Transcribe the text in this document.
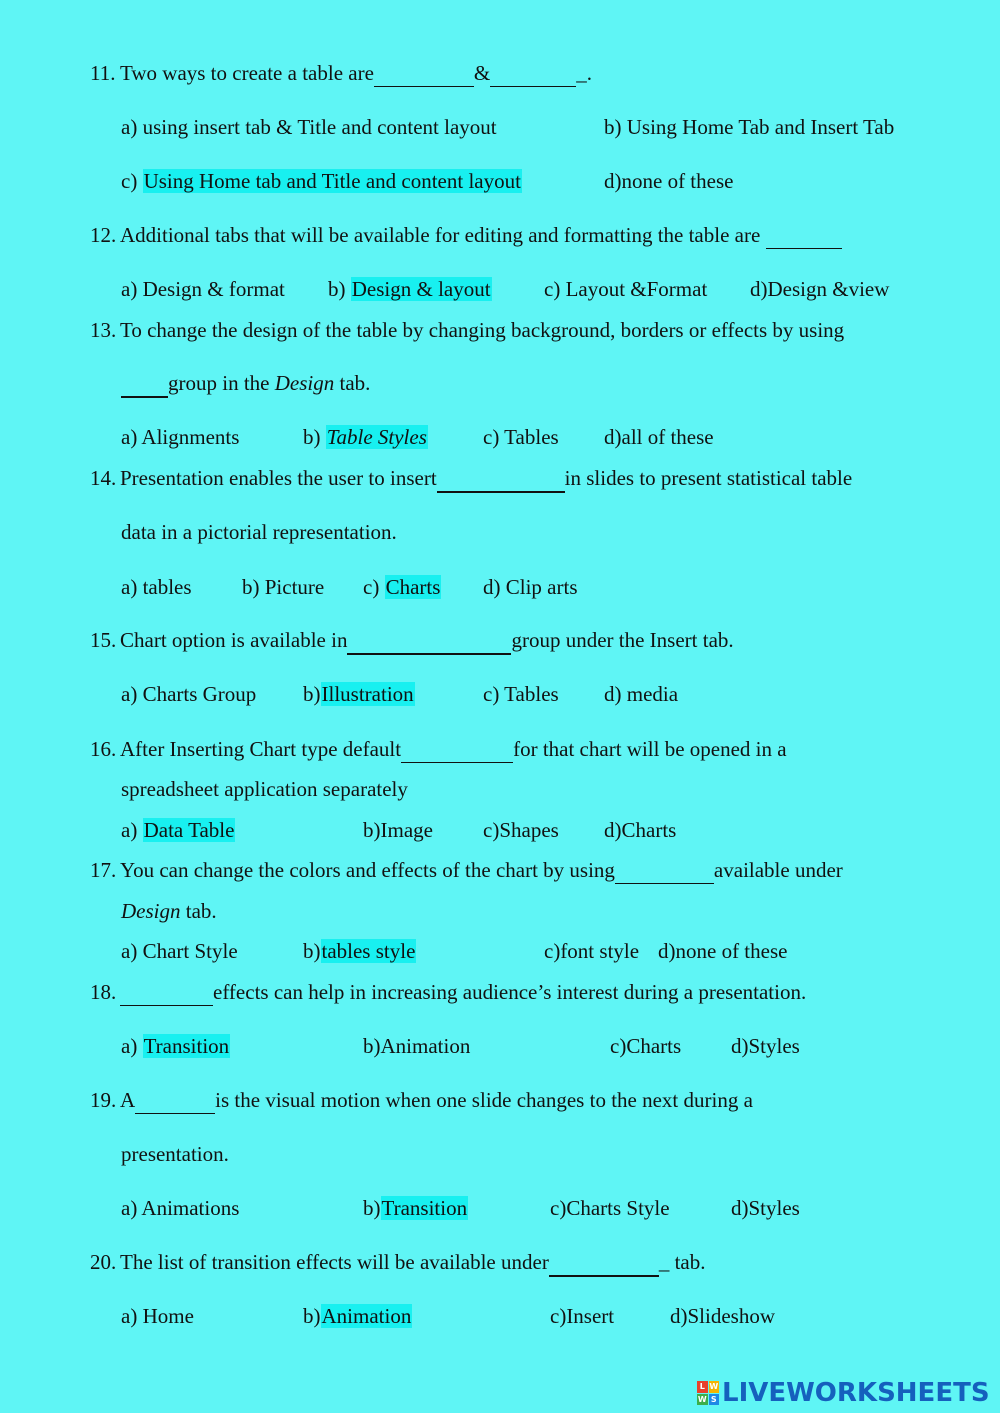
11. Two ways to create a table are	&	_.
a) using insert tab & Title and content layout	b) Using Home Tab and Insert Tab
c) Using Home tab and Title and content layout	d)none of these
12. Additional tabs that will be available for editing and formatting the table are
a) Design & format b) Design & layout	c) Layout &Format d)Design &view
13. To change the design of the table by changing background, borders or effects by using
group in the Design tab.
a) Alignments	b) Table Styles	c) Tables d)all of these
14. Presentation enables the user to insert	in slides to present statistical table
data in a pictorial representation.
a) tables b) Picture c) Charts d) Clip arts
15. Chart option is available in	group under the Insert tab.
a) Charts Group b)Illustration	c) Tables d) media
16. After Inserting Chart type default	for that chart will be opened in a
spreadsheet application separately
a) Data Table	b)Image c)Shapes d)Charts
17. You can change the colors and effects of the chart by using	available under
Design tab.
a) Chart Style	b)tables style	c)font style d)none of these
18.	effects can help in increasing audience’s interest during a presentation.
a) Transition	b)Animation	c)Charts d)Styles
19. A	is the visual motion when one slide changes to the next during a
presentation.
a) Animations	b)Transition	c)Charts Style	d)Styles
20. The list of transition effects will be available under	_ tab.
a) Home	b)Animation	c)Insert	d)Slideshow
L W
W S LIVEWORKSHEETS
